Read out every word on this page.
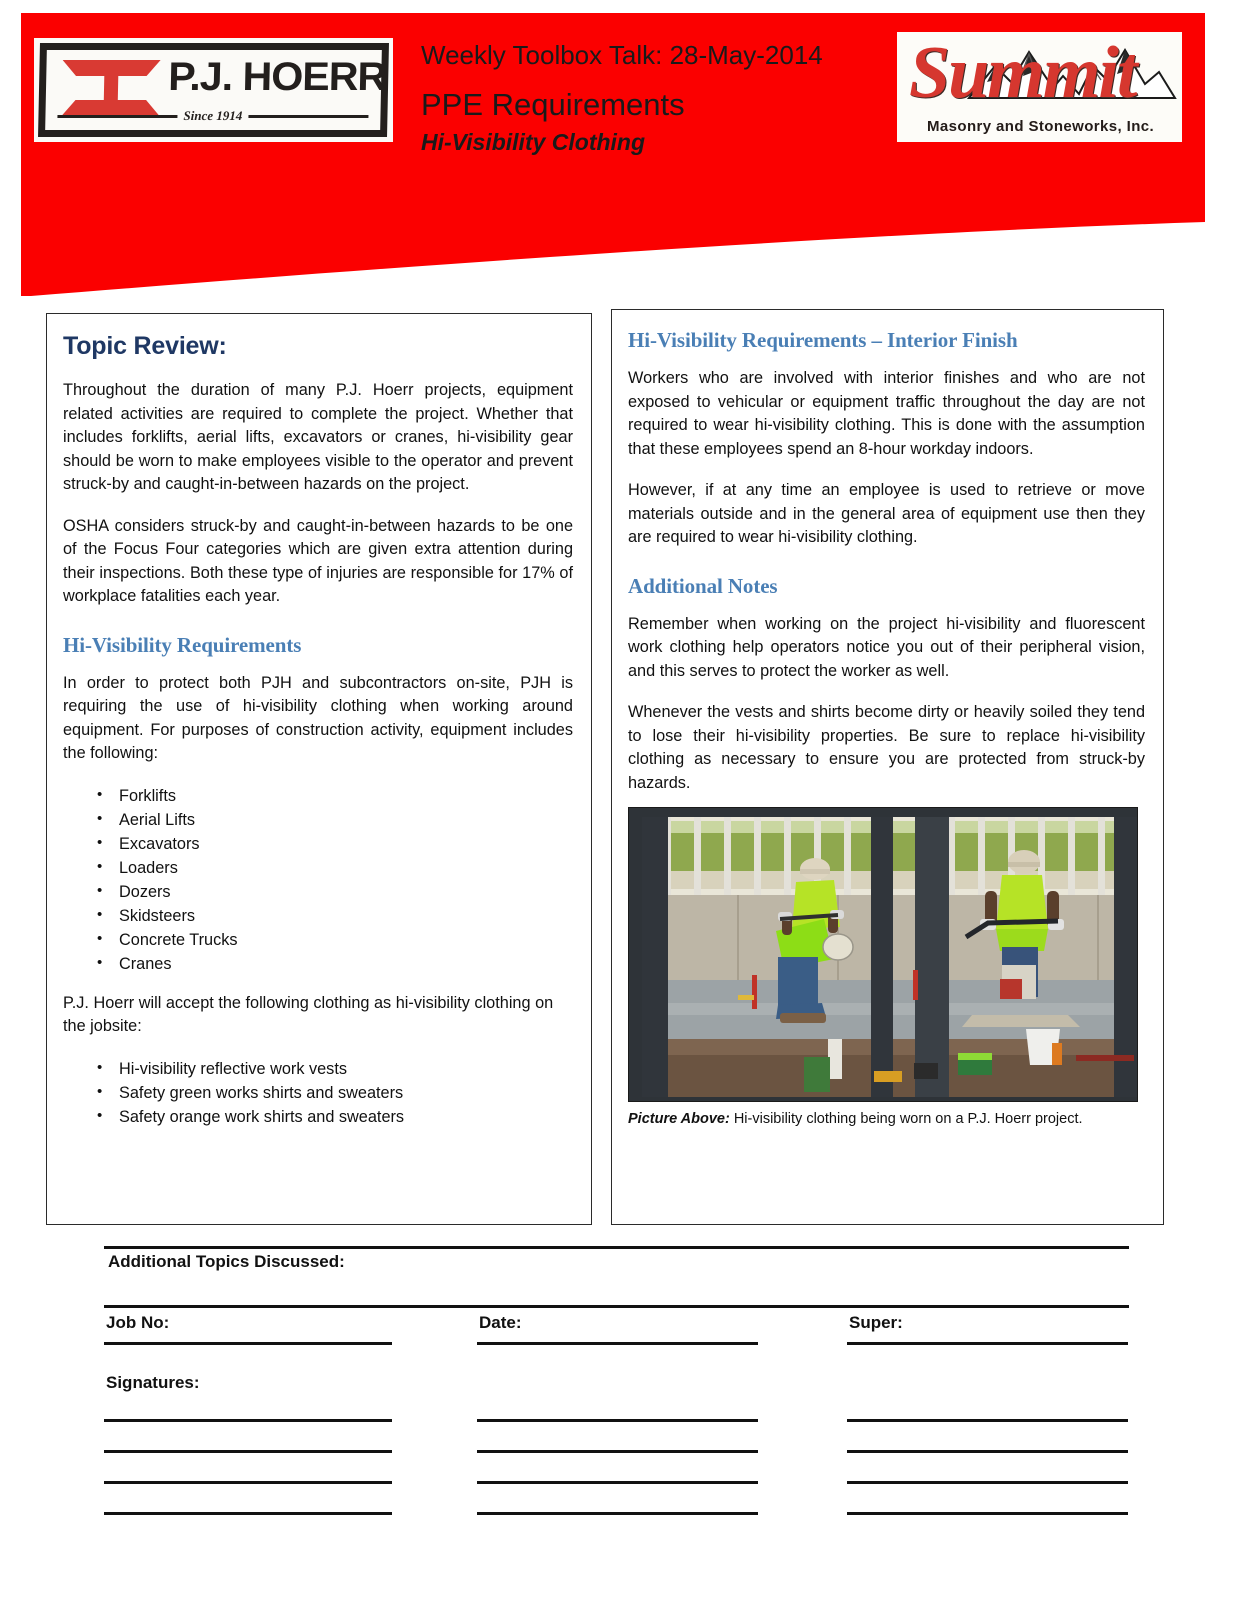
P.J. HOERR
Since 1914
Weekly Toolbox Talk: 28-May-2014
PPE Requirements
Hi-Visibility Clothing
Summit
Masonry and Stoneworks, Inc.
Topic Review:

Throughout the duration of many P.J. Hoerr projects, equipment related activities are required to complete the project. Whether that includes forklifts, aerial lifts, excavators or cranes, hi-visibility gear should be worn to make employees visible to the operator and prevent struck-by and caught-in-between hazards on the project.

OSHA considers struck-by and caught-in-between hazards to be one of the Focus Four categories which are given extra attention during their inspections. Both these type of injuries are responsible for 17% of workplace fatalities each year.

Hi-Visibility Requirements

In order to protect both PJH and subcontractors on-site, PJH is requiring the use of hi-visibility clothing when working around equipment. For purposes of construction activity, equipment includes the following:

• Forklifts
• Aerial Lifts
• Excavators
• Loaders
• Dozers
• Skidsteers
• Concrete Trucks
• Cranes

P.J. Hoerr will accept the following clothing as hi-visibility clothing on the jobsite:

• Hi-visibility reflective work vests
• Safety green works shirts and sweaters
• Safety orange work shirts and sweaters
Hi-Visibility Requirements – Interior Finish

Workers who are involved with interior finishes and who are not exposed to vehicular or equipment traffic throughout the day are not required to wear hi-visibility clothing. This is done with the assumption that these employees spend an 8-hour workday indoors.

However, if at any time an employee is used to retrieve or move materials outside and in the general area of equipment use then they are required to wear hi-visibility clothing.

Additional Notes

Remember when working on the project hi-visibility and fluorescent work clothing help operators notice you out of their peripheral vision, and this serves to protect the worker as well.

Whenever the vests and shirts become dirty or heavily soiled they tend to lose their hi-visibility properties. Be sure to replace hi-visibility clothing as necessary to ensure you are protected from struck-by hazards.

Picture Above: Hi-visibility clothing being worn on a P.J. Hoerr project.
Additional Topics Discussed:
Job No:	Date:	Super:
Signatures:
